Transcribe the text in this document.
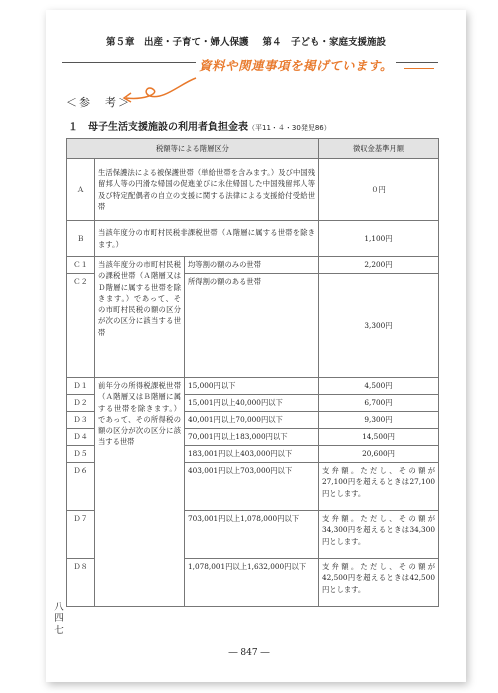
第５章　出産・子育て・婦人保護 第４　子ども・家庭支援施設
資料や関連事項を掲げています。
＜参　考＞
１　 母子生活支援施設の利用者負担金表（平11・４・30発児86）
税額等による階層区分			徴収金基準月額
Ａ	生活保護法による被保護世帯（単給世帯を含みます。）及び中国残留邦人等の円滑な帰国の促進並びに永住帰国した中国残留邦人等及び特定配偶者の自立の支援に関する法律による支援給付受給世帯		０円
Ｂ	当該年度分の市町村民税非課税世帯（Ａ階層に属する世帯を除きます。）		1,100円
Ｃ１	当該年度分の市町村民税の課税世帯（Ａ階層又はＤ階層に属する世帯を除きます。）であって、その市町村民税の額の区分が次の区分に該当する世帯	均等割の額のみの世帯	2,200円
Ｃ２		所得割の額のある世帯	3,300円
Ｄ１	前年分の所得税課税世帯（Ａ階層又はＢ階層に属する世帯を除きます。）であって、その所得税の額の区分が次の区分に該当する世帯	15,000円以下	4,500円
Ｄ２		15,001円以上40,000円以下	6,700円
Ｄ３		40,001円以上70,000円以下	9,300円
Ｄ４		70,001円以上183,000円以下	14,500円
Ｄ５		183,001円以上403,000円以下	20,600円
Ｄ６		403,001円以上703,000円以下	支弁額。ただし、その額が27,100円を超えるときは27,100円とします。
Ｄ７		703,001円以上1,078,000円以下	支弁額。ただし、その額が34,300円を超えるときは34,300円とします。
Ｄ８		1,078,001円以上1,632,000円以下	支弁額。ただし、その額が42,500円を超えるときは42,500円とします。
八四七
― 847 ―
